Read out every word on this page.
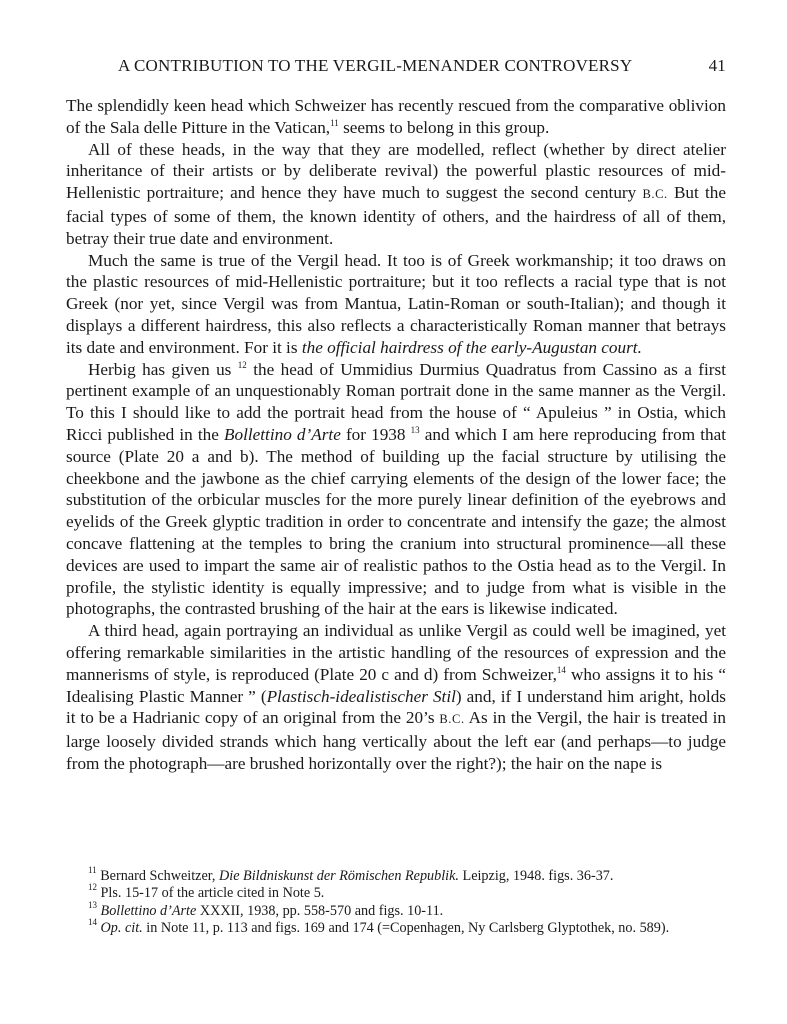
A CONTRIBUTION TO THE VERGIL-MENANDER CONTROVERSY	41

The splendidly keen head which Schweizer has recently rescued from the comparative oblivion of the Sala delle Pitture in the Vatican,$^{11}$ seems to belong in this group.

All of these heads, in the way that they are modelled, reflect (whether by direct atelier inheritance of their artists or by deliberate revival) the powerful plastic resources of mid-Hellenistic portraiture; and hence they have much to suggest the second century B.C. But the facial types of some of them, the known identity of others, and the hairdress of all of them, betray their true date and environment.

Much the same is true of the Vergil head. It too is of Greek workmanship; it too draws on the plastic resources of mid-Hellenistic portraiture; but it too reflects a racial type that is not Greek (nor yet, since Vergil was from Mantua, Latin-Roman or south-Italian); and though it displays a different hairdress, this also reflects a characteristically Roman manner that betrays its date and environment. For it is the official hairdress of the early-Augustan court.

Herbig has given us $^{12}$ the head of Ummidius Durmius Quadratus from Cassino as a first pertinent example of an unquestionably Roman portrait done in the same manner as the Vergil. To this I should like to add the portrait head from the house of “ Apuleius ” in Ostia, which Ricci published in the Bollettino d’Arte for 1938 $^{13}$ and which I am here reproducing from that source (Plate 20 a and b). The method of building up the facial structure by utilising the cheekbone and the jawbone as the chief carrying elements of the design of the lower face; the substitution of the orbicular muscles for the more purely linear definition of the eyebrows and eyelids of the Greek glyptic tradition in order to concentrate and intensify the gaze; the almost concave flattening at the temples to bring the cranium into structural prominence—all these devices are used to impart the same air of realistic pathos to the Ostia head as to the Vergil. In profile, the stylistic identity is equally impressive; and to judge from what is visible in the photographs, the contrasted brushing of the hair at the ears is likewise indicated.

A third head, again portraying an individual as unlike Vergil as could well be imagined, yet offering remarkable similarities in the artistic handling of the resources of expression and the mannerisms of style, is reproduced (Plate 20 c and d) from Schweizer,$^{14}$ who assigns it to his “ Idealising Plastic Manner ” (Plastisch-idealistischer Stil) and, if I understand him aright, holds it to be a Hadrianic copy of an original from the 20’s B.C. As in the Vergil, the hair is treated in large loosely divided strands which hang vertically about the left ear (and perhaps—to judge from the photograph—are brushed horizontally over the right?); the hair on the nape is

$^{11}$ Bernard Schweitzer, Die Bildniskunst der Römischen Republik. Leipzig, 1948. figs. 36-37.

$^{12}$ Pls. 15-17 of the article cited in Note 5.

$^{13}$ Bollettino d’Arte XXXII, 1938, pp. 558-570 and figs. 10-11.

$^{14}$ Op. cit. in Note 11, p. 113 and figs. 169 and 174 (=Copenhagen, Ny Carlsberg Glyptothek, no. 589).
